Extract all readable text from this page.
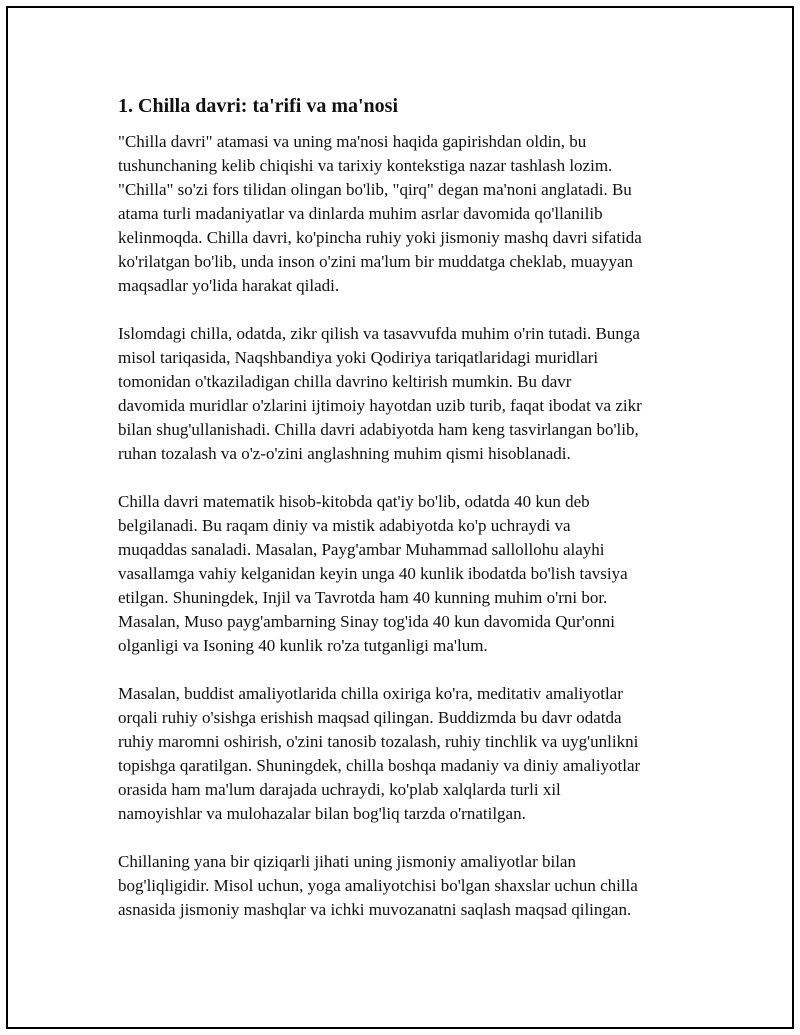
1. Chilla davri: ta'rifi va ma'nosi

"Chilla davri" atamasi va uning ma'nosi haqida gapirishdan oldin, bu
tushunchaning kelib chiqishi va tarixiy kontekstiga nazar tashlash lozim.
"Chilla" so'zi fors tilidan olingan bo'lib, "qirq" degan ma'noni anglatadi. Bu
atama turli madaniyatlar va dinlarda muhim asrlar davomida qo'llanilib
kelinmoqda. Chilla davri, ko'pincha ruhiy yoki jismoniy mashq davri sifatida
ko'rilatgan bo'lib, unda inson o'zini ma'lum bir muddatga cheklab, muayyan
maqsadlar yo'lida harakat qiladi.

Islomdagi chilla, odatda, zikr qilish va tasavvufda muhim o'rin tutadi. Bunga
misol tariqasida, Naqshbandiya yoki Qodiriya tariqatlaridagi muridlari
tomonidan o'tkaziladigan chilla davrino keltirish mumkin. Bu davr
davomida muridlar o'zlarini ijtimoiy hayotdan uzib turib, faqat ibodat va zikr
bilan shug'ullanishadi. Chilla davri adabiyotda ham keng tasvirlangan bo'lib,
ruhan tozalash va o'z-o'zini anglashning muhim qismi hisoblanadi.

Chilla davri matematik hisob-kitobda qat'iy bo'lib, odatda 40 kun deb
belgilanadi. Bu raqam diniy va mistik adabiyotda ko'p uchraydi va
muqaddas sanaladi. Masalan, Payg'ambar Muhammad sallollohu alayhi
vasallamga vahiy kelganidan keyin unga 40 kunlik ibodatda bo'lish tavsiya
etilgan. Shuningdek, Injil va Tavrotda ham 40 kunning muhim o'rni bor.
Masalan, Muso payg'ambarning Sinay tog'ida 40 kun davomida Qur'onni
olganligi va Isoning 40 kunlik ro'za tutganligi ma'lum.

Masalan, buddist amaliyotlarida chilla oxiriga ko'ra, meditativ amaliyotlar
orqali ruhiy o'sishga erishish maqsad qilingan. Buddizmda bu davr odatda
ruhiy maromni oshirish, o'zini tanosib tozalash, ruhiy tinchlik va uyg'unlikni
topishga qaratilgan. Shuningdek, chilla boshqa madaniy va diniy amaliyotlar
orasida ham ma'lum darajada uchraydi, ko'plab xalqlarda turli xil
namoyishlar va mulohazalar bilan bog'liq tarzda o'rnatilgan.

Chillaning yana bir qiziqarli jihati uning jismoniy amaliyotlar bilan
bog'liqligidir. Misol uchun, yoga amaliyotchisi bo'lgan shaxslar uchun chilla
asnasida jismoniy mashqlar va ichki muvozanatni saqlash maqsad qilingan.
